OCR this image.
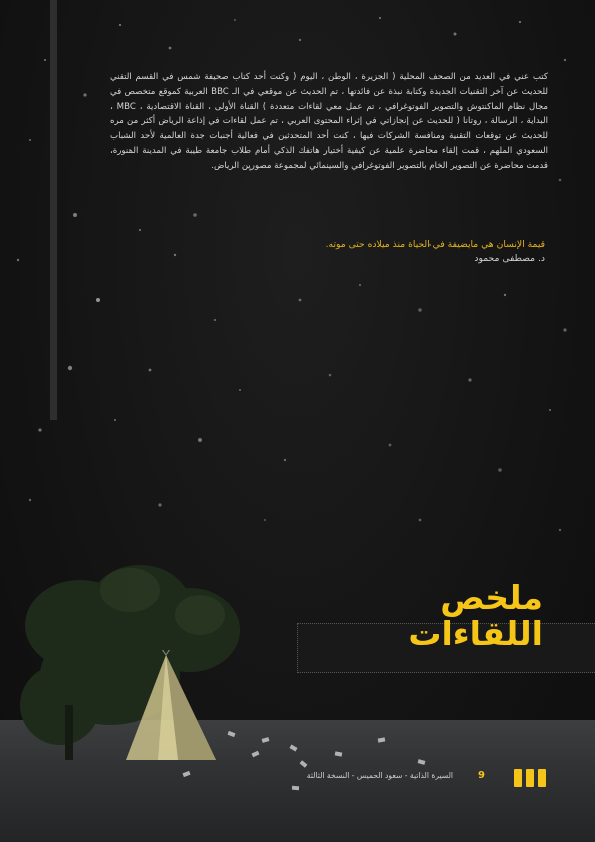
كتب عني في العديد من الصحف المحلية ( الجزيرة ، الوطن ، اليوم ( وكنت أحد كتاب صحيفة شمس في القسم التقني للحديث عن آخر التقنيات الجديدة وكتابة نبذة عن فائدتها ، تم الحديث عن موقعي في الـ BBC العربية كموقع متخصص في مجال نظام الماكنتوش والتصوير الفوتوغرافي ، تم عمل معي لقاءات متعددة ) القناة الأولى ، القناة الاقتصادية ، MBC ، البداية ، الرسالة ، روتانا ( للحديث عن إنجازاتي في إثراء المحتوى العربي ، تم عمل لقاءات في إذاعة الرياض أكثر من مره للحديث عن توقعات التقنية ومنافسة الشركات فيها ، كنت أحد المتحدثين في فعالية أجنبات جدة العالمية لأحد الشباب السعودي الملهم ، قمت إلقاء محاضرة علمية عن كيفية أختيار هاتفك الذكي أمام طلاب جامعة طيبة في المدينة المنورة، قدمت محاضرة عن التصوير الخام بالتصوير الفوتوغرافي والسينمائي لمجموعة مصورين الرياض.
قيمة الإنسان هي مايضيفة في الحياة منذ ميلاده حتى موته.
د. مصطفى محمود
ملخص
اللقاءات
السيرة الذاتية - سعود الحميس - النسخة الثالثة	9
